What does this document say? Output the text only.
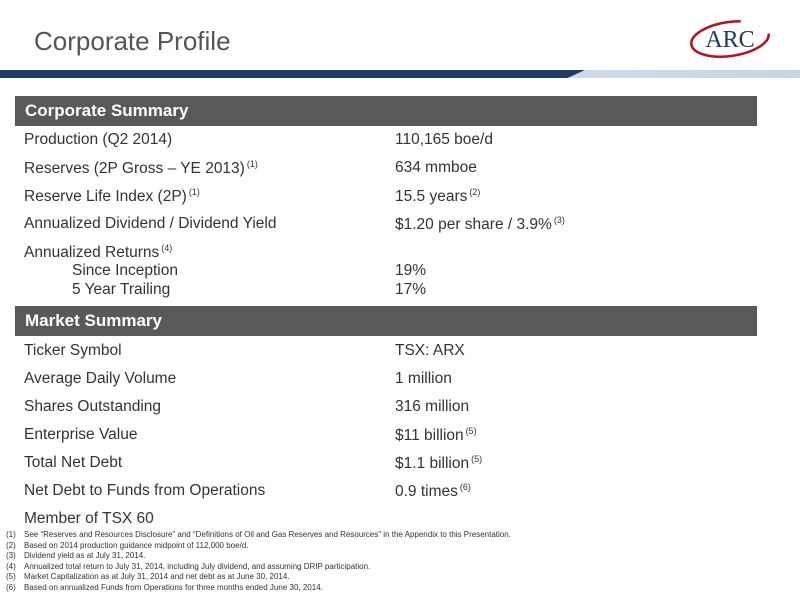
Corporate Profile	ARC
Corporate Summary
Production (Q2 2014)	110,165 boe/d
Reserves (2P Gross – YE 2013) $^{(1)}$	634 mmboe
Reserve Life Index (2P) $^{(1)}$	15.5 years $^{(2)}$
Annualized Dividend / Dividend Yield	$1.20 per share / 3.9% $^{(3)}$
Annualized Returns $^{(4)}$
Since Inception	19%
5 Year Trailing	17%
Market Summary
Ticker Symbol	TSX: ARX
Average Daily Volume	1 million
Shares Outstanding	316 million
Enterprise Value	$11 billion $^{(5)}$
Total Net Debt	$1.1 billion $^{(5)}$
Net Debt to Funds from Operations	0.9 times $^{(6)}$
Member of TSX 60
(1) See “Reserves and Resources Disclosure” and “Definitions of Oil and Gas Reserves and Resources” in the Appendix to this Presentation.
(2) Based on 2014 production guidance midpoint of 112,000 boe/d.
(3) Dividend yield as at July 31, 2014.
(4) Annualized total return to July 31, 2014, including July dividend, and assuming DRIP participation.
(5) Market Capitalization as at July 31, 2014 and net debt as at June 30, 2014.
(6) Based on annualized Funds from Operations for three months ended June 30, 2014.
